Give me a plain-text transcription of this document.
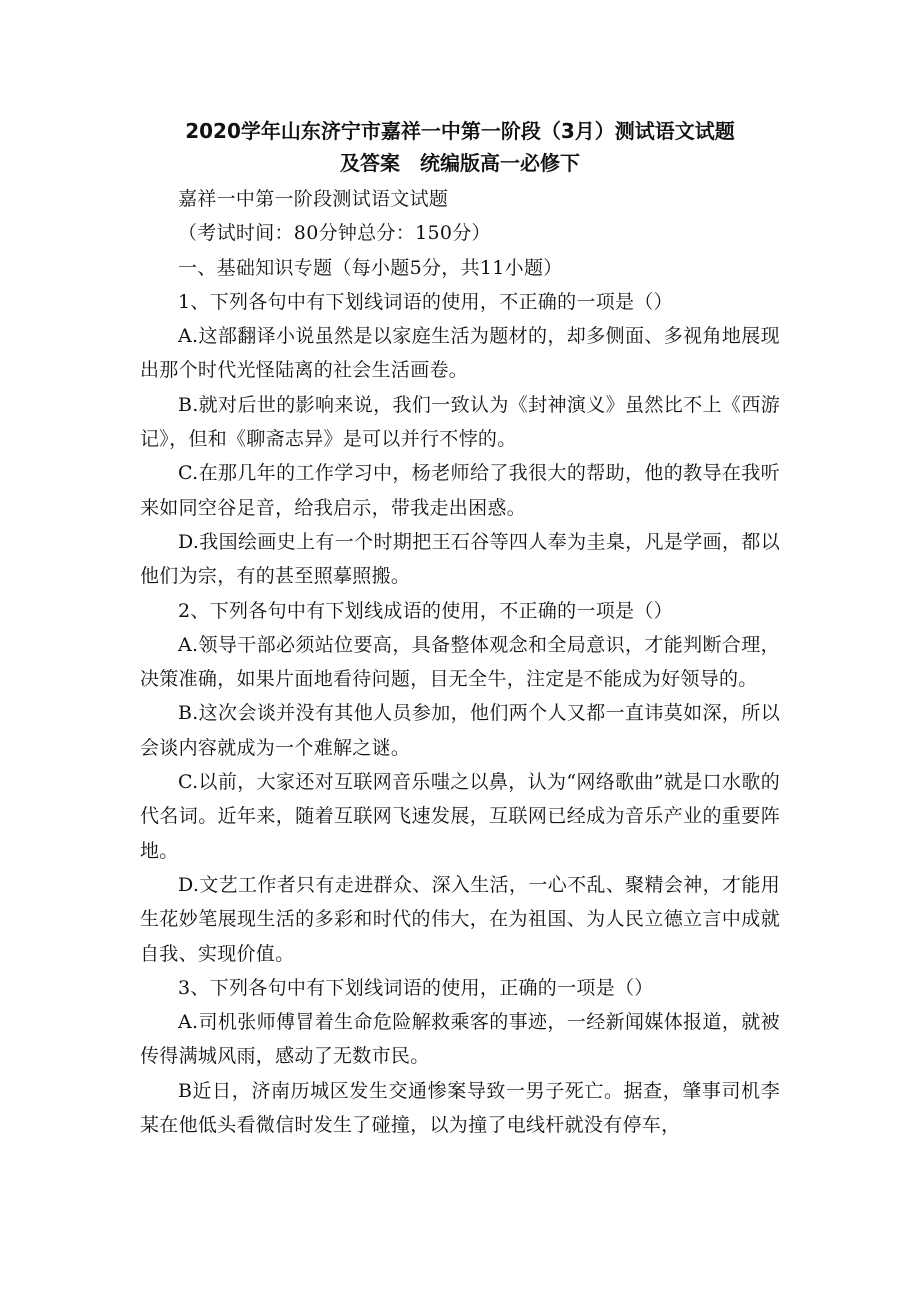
2020学年山东济宁市嘉祥一中第一阶段（3月）测试语文试题
及答案　统编版高一必修下

嘉祥一中第一阶段测试语文试题

（考试时间：80分钟总分：150分）

一、基础知识专题（每小题5分，共11小题）

1、下列各句中有下划线词语的使用，不正确的一项是（）

A.这部翻译小说虽然是以家庭生活为题材的，却多侧面、多视角地展现出那个时代光怪陆离的社会生活画卷。

B.就对后世的影响来说，我们一致认为《封神演义》虽然比不上《西游记》，但和《聊斋志异》是可以并行不悖的。

C.在那几年的工作学习中，杨老师给了我很大的帮助，他的教导在我听来如同空谷足音，给我启示，带我走出困惑。

D.我国绘画史上有一个时期把王石谷等四人奉为圭臬，凡是学画，都以他们为宗，有的甚至照摹照搬。

2、下列各句中有下划线成语的使用，不正确的一项是（）

A.领导干部必须站位要高，具备整体观念和全局意识，才能判断合理，决策准确，如果片面地看待问题，目无全牛，注定是不能成为好领导的。

B.这次会谈并没有其他人员参加，他们两个人又都一直讳莫如深，所以会谈内容就成为一个难解之谜。

C.以前，大家还对互联网音乐嗤之以鼻，认为“网络歌曲”就是口水歌的代名词。近年来，随着互联网飞速发展，互联网已经成为音乐产业的重要阵地。

D.文艺工作者只有走进群众、深入生活，一心不乱、聚精会神，才能用生花妙笔展现生活的多彩和时代的伟大，在为祖国、为人民立德立言中成就自我、实现价值。

3、下列各句中有下划线词语的使用，正确的一项是（）

A.司机张师傅冒着生命危险解救乘客的事迹，一经新闻媒体报道，就被传得满城风雨，感动了无数市民。

B近日，济南历城区发生交通惨案导致一男子死亡。据查，肇事司机李某在他低头看微信时发生了碰撞，以为撞了电线杆就没有停车，
